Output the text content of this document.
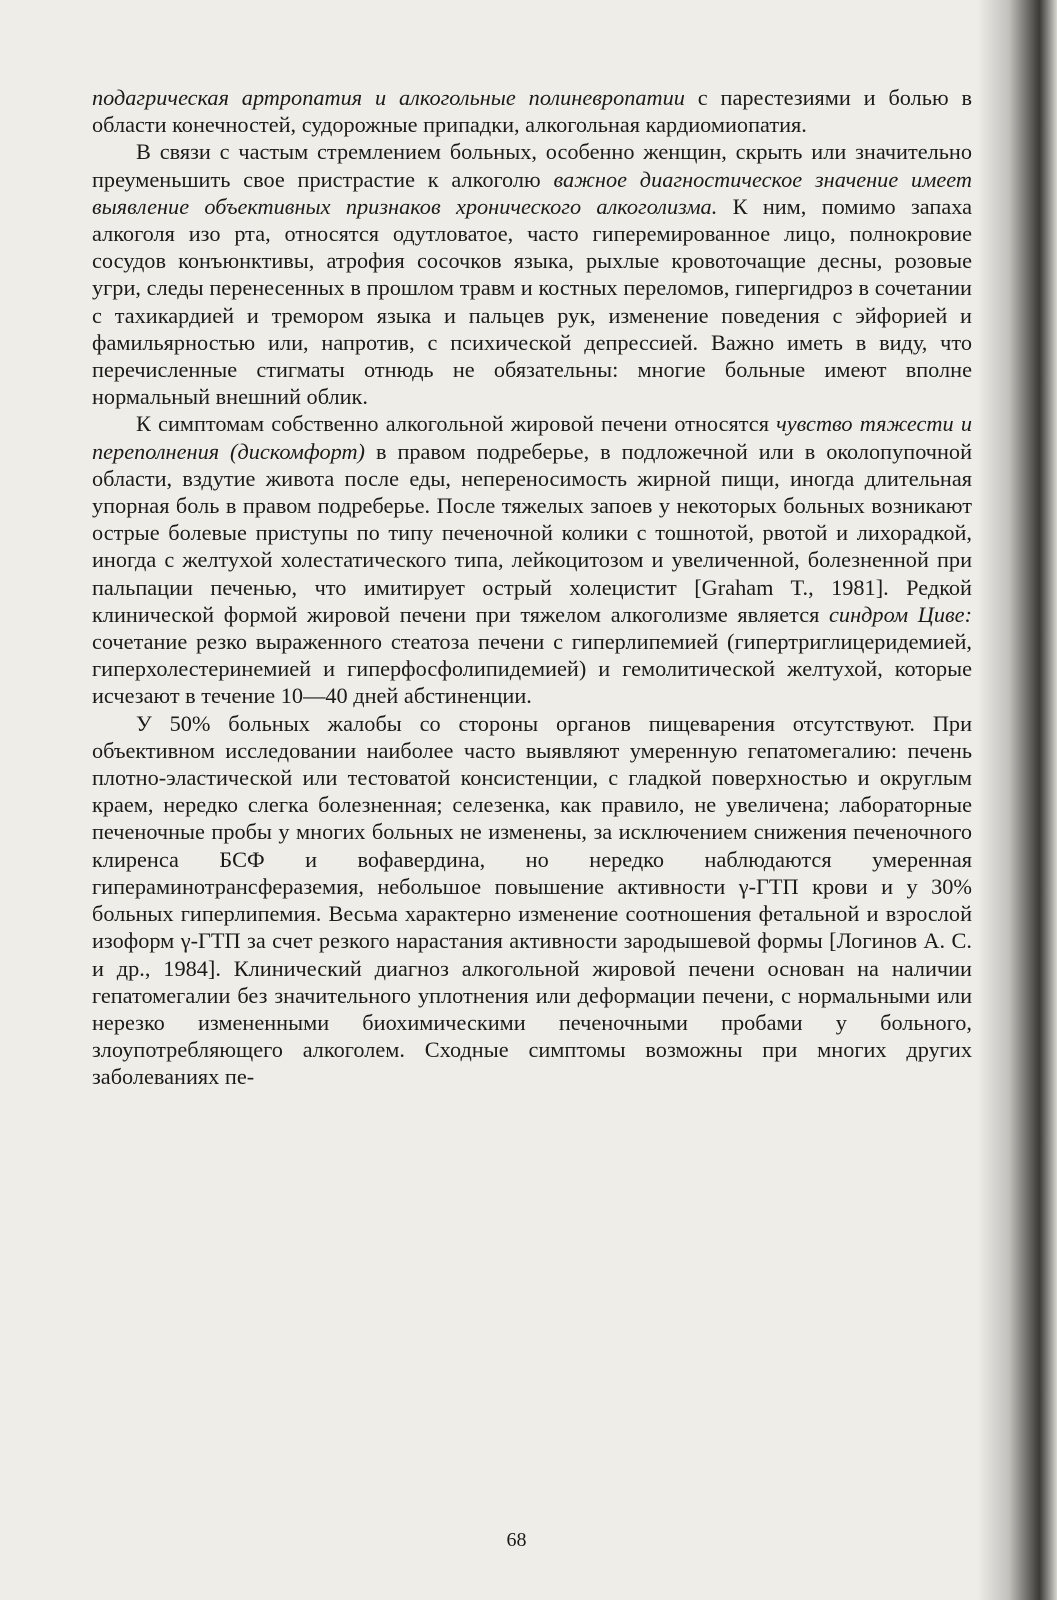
подагрическая артропатия и алкогольные полиневропатии с парестезиями и болью в области конечностей, судорожные припадки, алкогольная кардиомиопатия.

В связи с частым стремлением больных, особенно женщин, скрыть или значительно преуменьшить свое пристрастие к алкоголю важное диагностическое значение имеет выявление объективных признаков хронического алкоголизма. К ним, помимо запаха алкоголя изо рта, относятся одутловатое, часто гиперемированное лицо, полнокровие сосудов конъюнктивы, атрофия сосочков языка, рыхлые кровоточащие десны, розовые угри, следы перенесенных в прошлом травм и костных переломов, гипергидроз в сочетании с тахикардией и тремором языка и пальцев рук, изменение поведения с эйфорией и фамильярностью или, напротив, с психической депрессией. Важно иметь в виду, что перечисленные стигматы отнюдь не обязательны: многие больные имеют вполне нормальный внешний облик.

К симптомам собственно алкогольной жировой печени относятся чувство тяжести и переполнения (дискомфорт) в правом подреберье, в подложечной или в околопупочной области, вздутие живота после еды, непереносимость жирной пищи, иногда длительная упорная боль в правом подреберье. После тяжелых запоев у некоторых больных возникают острые болевые приступы по типу печеночной колики с тошнотой, рвотой и лихорадкой, иногда с желтухой холестатического типа, лейкоцитозом и увеличенной, болезненной при пальпации печенью, что имитирует острый холецистит [Graham T., 1981]. Редкой клинической формой жировой печени при тяжелом алкоголизме является синдром Циве: сочетание резко выраженного стеатоза печени с гиперлипемией (гипертриглицеридемией, гиперхолестеринемией и гиперфосфолипидемией) и гемолитической желтухой, которые исчезают в течение 10—40 дней абстиненции.

У 50% больных жалобы со стороны органов пищеварения отсутствуют. При объективном исследовании наиболее часто выявляют умеренную гепатомегалию: печень плотно-эластической или тестоватой консистенции, с гладкой поверхностью и округлым краем, нередко слегка болезненная; селезенка, как правило, не увеличена; лабораторные печеночные пробы у многих больных не изменены, за исключением снижения печеночного клиренса БСФ и вофавердина, но нередко наблюдаются умеренная гипераминотрансфераземия, небольшое повышение активности γ-ГТП крови и у 30% больных гиперлипемия. Весьма характерно изменение соотношения фетальной и взрослой изоформ γ-ГТП за счет резкого нарастания активности зародышевой формы [Логинов А. С. и др., 1984]. Клинический диагноз алкогольной жировой печени основан на наличии гепатомегалии без значительного уплотнения или деформации печени, с нормальными или нерезко измененными биохимическими печеночными пробами у больного, злоупотребляющего алкоголем. Сходные симптомы возможны при многих других заболеваниях пе-

68
